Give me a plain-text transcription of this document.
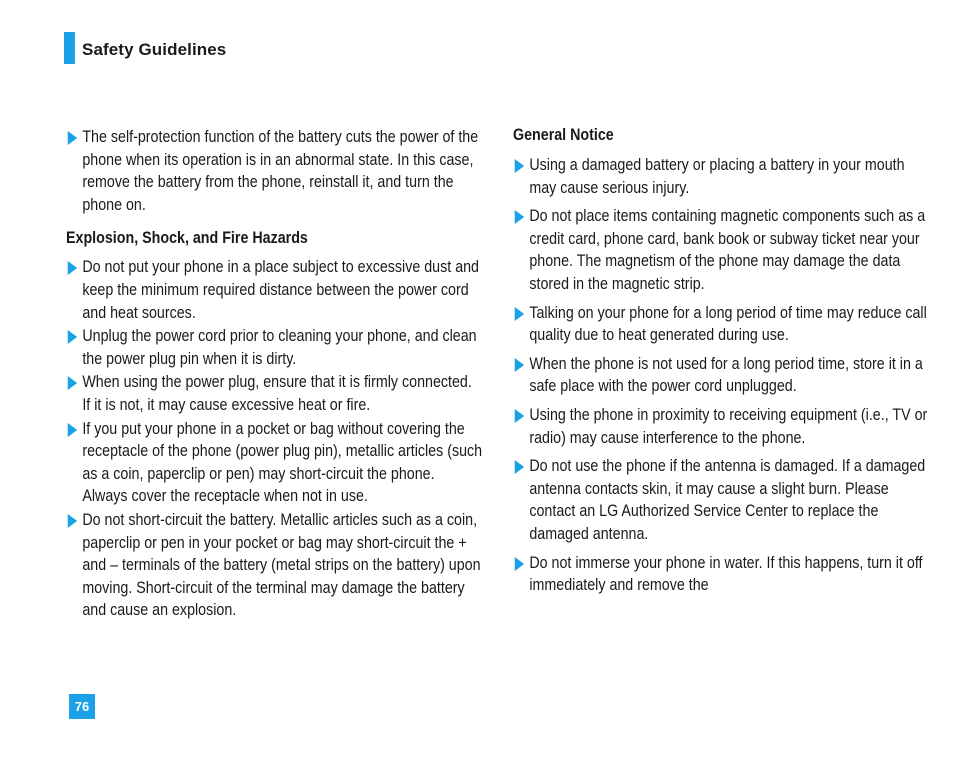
Safety Guidelines
The self-protection function of the battery cuts the power of the phone when its operation is in an abnormal state. In this case, remove the battery from the phone, reinstall it, and turn the phone on.
Explosion, Shock, and Fire Hazards
Do not put your phone in a place subject to excessive dust and keep the minimum required distance between the power cord and heat sources.
Unplug the power cord prior to cleaning your phone, and clean the power plug pin when it is dirty.
When using the power plug, ensure that it is firmly connected. If it is not, it may cause excessive heat or fire.
If you put your phone in a pocket or bag without covering the receptacle of the phone (power plug pin), metallic articles (such as a coin, paperclip or pen) may short-circuit the phone. Always cover the receptacle when not in use.
Do not short-circuit the battery. Metallic articles such as a coin, paperclip or pen in your pocket or bag may short-circuit the + and – terminals of the battery (metal strips on the battery) upon moving. Short-circuit of the terminal may damage the battery and cause an explosion.
General Notice
Using a damaged battery or placing a battery in your mouth may cause serious injury.
Do not place items containing magnetic components such as a credit card, phone card, bank book or subway ticket near your phone. The magnetism of the phone may damage the data stored in the magnetic strip.
Talking on your phone for a long period of time may reduce call quality due to heat generated during use.
When the phone is not used for a long period time, store it in a safe place with the power cord unplugged.
Using the phone in proximity to receiving equipment (i.e., TV or radio) may cause interference to the phone.
Do not use the phone if the antenna is damaged. If a damaged antenna contacts skin, it may cause a slight burn. Please contact an LG Authorized Service Center to replace the damaged antenna.
Do not immerse your phone in water. If this happens, turn it off immediately and remove the
76
